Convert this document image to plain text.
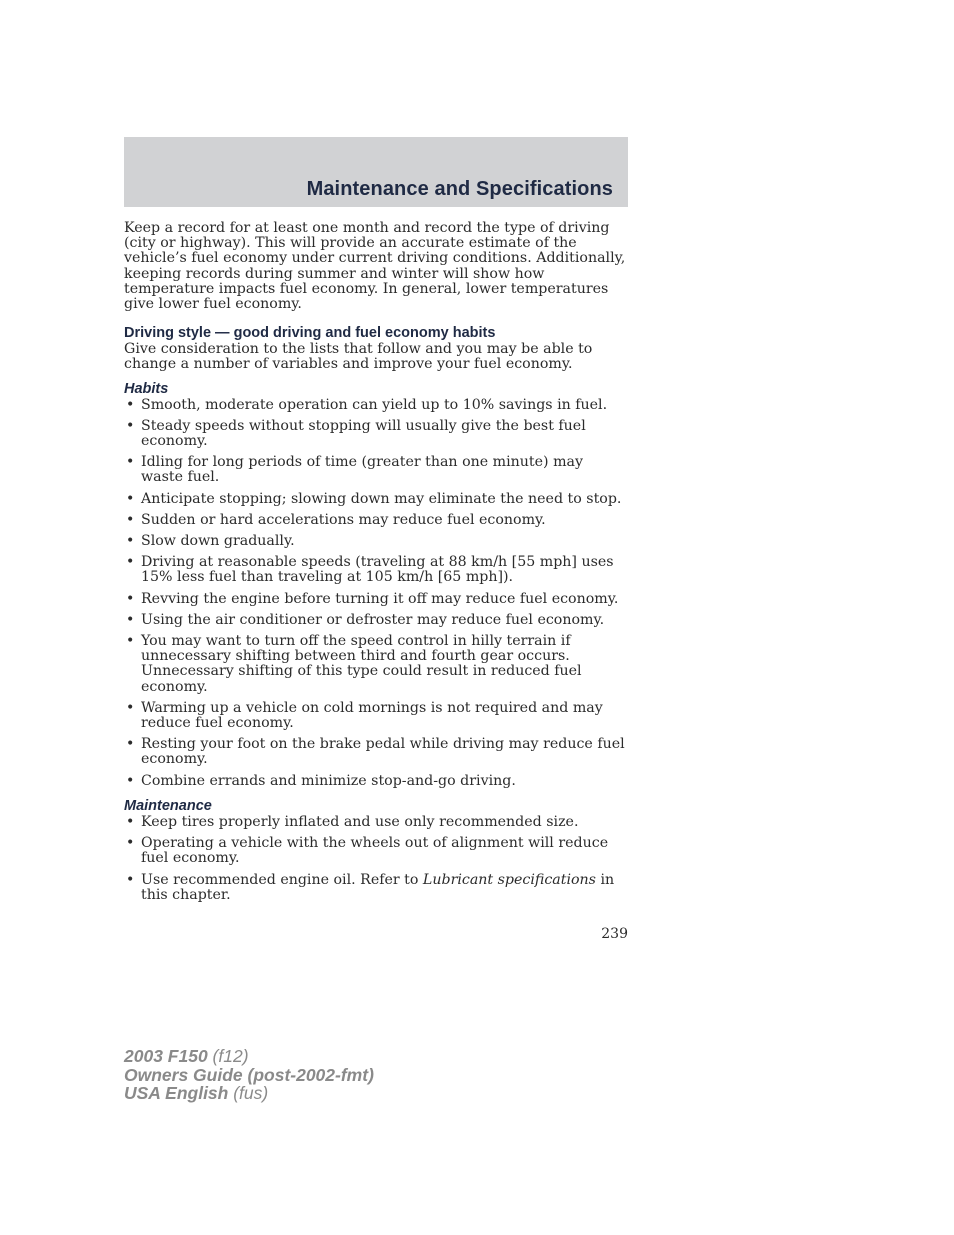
Maintenance and Specifications

Keep a record for at least one month and record the type of driving (city or highway). This will provide an accurate estimate of the vehicle’s fuel economy under current driving conditions. Additionally, keeping records during summer and winter will show how temperature impacts fuel economy. In general, lower temperatures give lower fuel economy.

Driving style — good driving and fuel economy habits

Give consideration to the lists that follow and you may be able to change a number of variables and improve your fuel economy.

Habits

• Smooth, moderate operation can yield up to 10% savings in fuel.
• Steady speeds without stopping will usually give the best fuel economy.
• Idling for long periods of time (greater than one minute) may waste fuel.
• Anticipate stopping; slowing down may eliminate the need to stop.
• Sudden or hard accelerations may reduce fuel economy.
• Slow down gradually.
• Driving at reasonable speeds (traveling at 88 km/h [55 mph] uses 15% less fuel than traveling at 105 km/h [65 mph]).
• Revving the engine before turning it off may reduce fuel economy.
• Using the air conditioner or defroster may reduce fuel economy.
• You may want to turn off the speed control in hilly terrain if unnecessary shifting between third and fourth gear occurs. Unnecessary shifting of this type could result in reduced fuel economy.
• Warming up a vehicle on cold mornings is not required and may reduce fuel economy.
• Resting your foot on the brake pedal while driving may reduce fuel economy.
• Combine errands and minimize stop-and-go driving.

Maintenance

• Keep tires properly inflated and use only recommended size.
• Operating a vehicle with the wheels out of alignment will reduce fuel economy.
• Use recommended engine oil. Refer to Lubricant specifications in this chapter.
239
2003 F150 (f12)
Owners Guide (post-2002-fmt)
USA English (fus)
